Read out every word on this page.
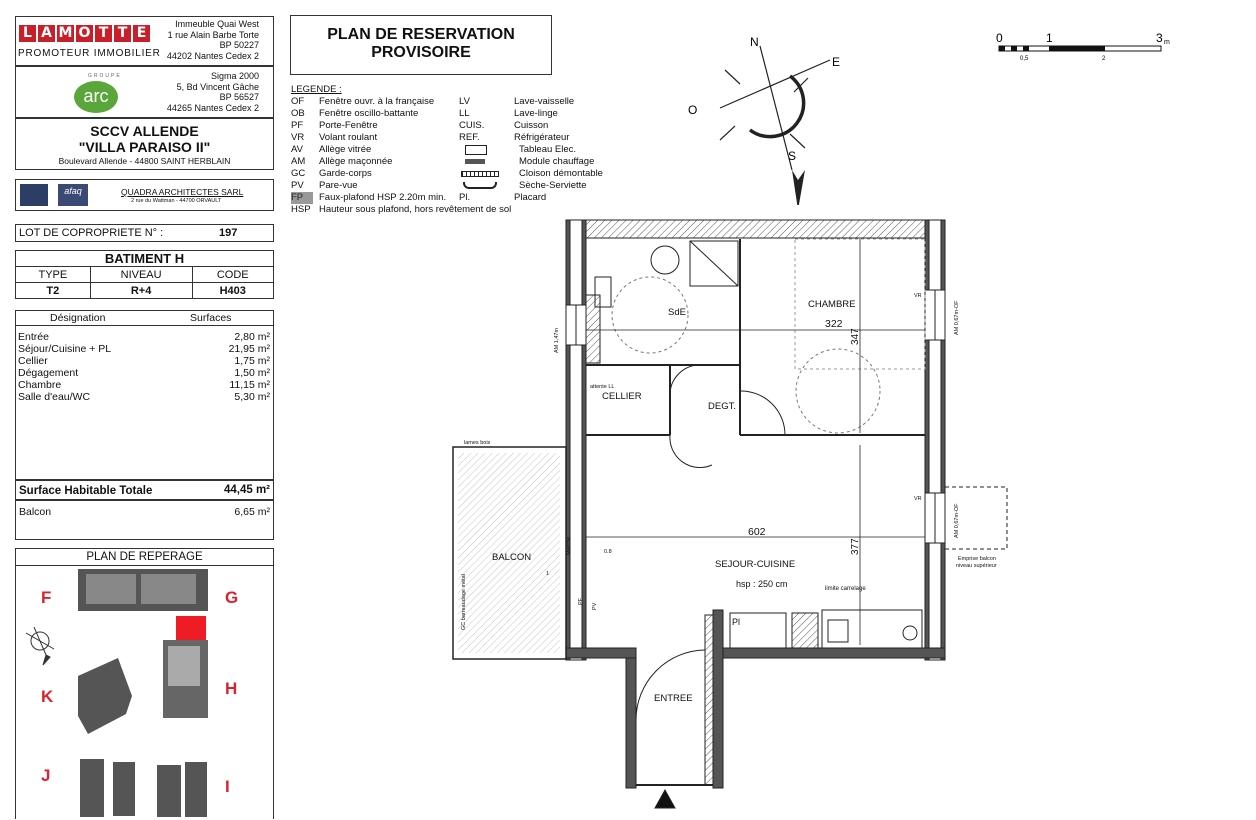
L A M O T T E
PROMOTEUR IMMOBILIER
Immeuble Quai West
1 rue Alain Barbe Torte
BP 50227
44202 Nantes Cedex 2
GROUPE
arc
Sigma 2000
5, Bd Vincent Gâche
BP 56527
44265 Nantes Cedex 2
SCCV ALLENDE
"VILLA PARAISO II"
Boulevard Allende - 44800 SAINT HERBLAIN
afaq	QUADRA ARCHITECTES SARL
2 rue du Wattman - 44700 ORVAULT
LOT DE COPROPRIETE N° :	197
BATIMENT H		
TYPE	NIVEAU	CODE
T2	R+4	H403
Désignation	Surfaces
Entrée	2,80 m²
Séjour/Cuisine + PL	21,95 m²
Cellier	1,75 m²
Dégagement	1,50 m²
Chambre	11,15 m²
Salle d'eau/WC	5,30 m²
Surface Habitable Totale	44,45 m²
Balcon	6,65 m²
PLAN DE REPERAGE
F	G
K	H
J
I
PLAN DE RESERVATION
PROVISOIRE
LEGENDE :
OF	Fenêtre ouvr. à la française	LV	Lave-vaisselle
OB	Fenêtre oscillo-battante	LL	Lave-linge
PF	Porte-Fenêtre	CUIS.	Cuisson
VR	Volant roulant	REF.	Réfrigérateur
AV	Allège vitrée	Tableau Elec.
AM	Allège maçonnée	Module chauffage
GC	Garde-corps	Cloison démontable
PV	Pare-vue	Sèche-Serviette
FP	Faux-plafond HSP 2.20m min.	Pl.	Placard
HSP Hauteur sous plafond, hors revêtement de sol
N
E
S
O
0	1	3 m
0,5	2
SdE
CHAMBRE
322
347
CELLIER
attente LL
DEGT.
BALCON
lames bois
602
377
SEJOUR-CUISINE
hsp : 250 cm	limite carrelage
Pl
ENTREE
Emprise balcon
niveau supérieur
VR
VR
AM 1,47m
AM 0,67m-OF
AM 0,67m-OF
GC barreaudage métal
Marche
PF
PV
1
0.8
